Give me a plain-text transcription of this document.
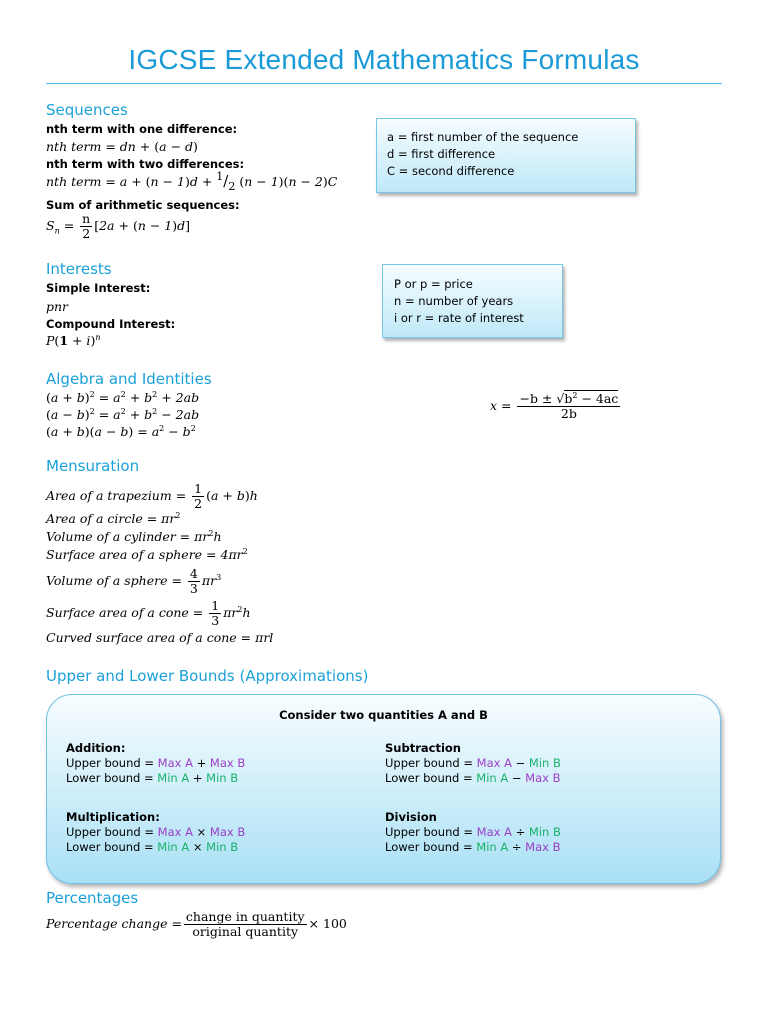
IGCSE Extended Mathematics Formulas
Sequences
nth term with one difference:
nth term = dn + (a − d)
nth term with two differences:
nth term = $a + (n - 1)d + ^1/_2$ (n − 1)(n − 2)C
Sum of arithmetic sequences:
$S_n = \frac{n}{2} [2a + (n - 1)d]$
a = first number of the sequence
d = first difference
C = second difference
Interests
Simple Interest:
pnr
Compound Interest:
$P(1 + i)^n$
P or p = price
n = number of years
i or r = rate of interest
Algebra and Identities
$(a + b)^2 = a^2 + b^2 + 2ab$
$(a - b)^2 = a^2 + b^2 - 2ab$
$(a + b)(a - b) = a^2 - b^2$
$x = \frac{-b \pm √b^2 - 4ac}{2b}$
Mensuration
Area of a trapezium = $\frac{1}{2} (a + b)h$
Area of a circle = $\pi r^2$
Volume of a cylinder = $\pi r^2h$
Surface area of a sphere = $4\pi r^2$
Volume of a sphere = $\frac{4}{3} \pi r^3$
Surface area of a cone = $\frac{1}{3} \pi r^2h$
Curved surface area of a cone = πrl
Upper and Lower Bounds (Approximations)
Consider two quantities A and B
Addition:
Upper bound = Max A + Max B
Lower bound = Min A + Min B
Subtraction
Upper bound = Max A − Min B
Lower bound = Min A − Max B
Multiplication:
Upper bound = Max A × Max B
Lower bound = Min A × Min B
Division
Upper bound = Max A ÷ Min B
Lower bound = Min A ÷ Max B
Percentages
Percentage change = $\frac{\text{change in quantity}}{\text{original quantity}} \times 100$
